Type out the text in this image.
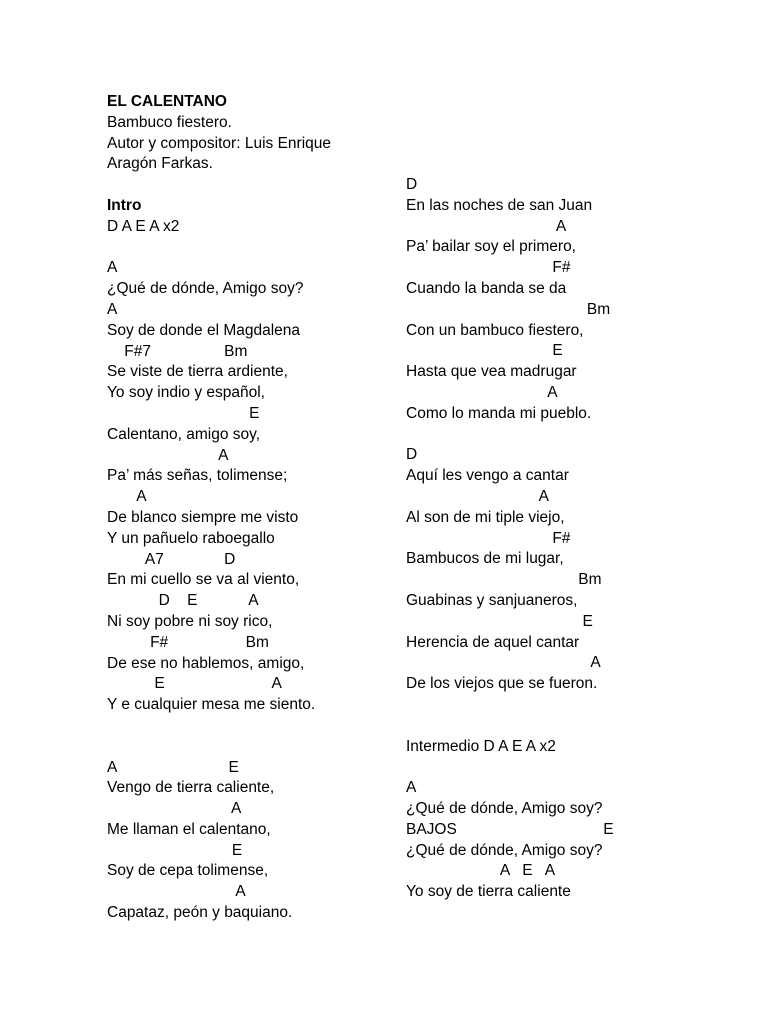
EL CALENTANO
Bambuco fiestero.
Autor y compositor: Luis Enrique
Aragón Farkas.
Intro
D A E A x2
A
¿Qué de dónde, Amigo soy?
A
Soy de donde el Magdalena
F#7                 Bm
Se viste de tierra ardiente,
Yo soy indio y español,
E
Calentano, amigo soy,
A
Pa’ más señas, tolimense;
A
De blanco siempre me visto
Y un pañuelo raboegallo
A7              D
En mi cuello se va al viento,
D    E            A
Ni soy pobre ni soy rico,
F#                  Bm
De ese no hablemos, amigo,
E                         A
Y e cualquier mesa me siento.
A                          E
Vengo de tierra caliente,
A
Me llaman el calentano,
E
Soy de cepa tolimense,
A
Capataz, peón y baquiano.
D
En las noches de san Juan
A
Pa’ bailar soy el primero,
F#
Cuando la banda se da
Bm
Con un bambuco fiestero,
E
Hasta que vea madrugar
A
Como lo manda mi pueblo.
D
Aquí les vengo a cantar
A
Al son de mi tiple viejo,
F#
Bambucos de mi lugar,
Bm
Guabinas y sanjuaneros,
E
Herencia de aquel cantar
A
De los viejos que se fueron.
Intermedio D A E A x2
A
¿Qué de dónde, Amigo soy?
BAJOS                                  E
¿Qué de dónde, Amigo soy?
A   E   A
Yo soy de tierra caliente
